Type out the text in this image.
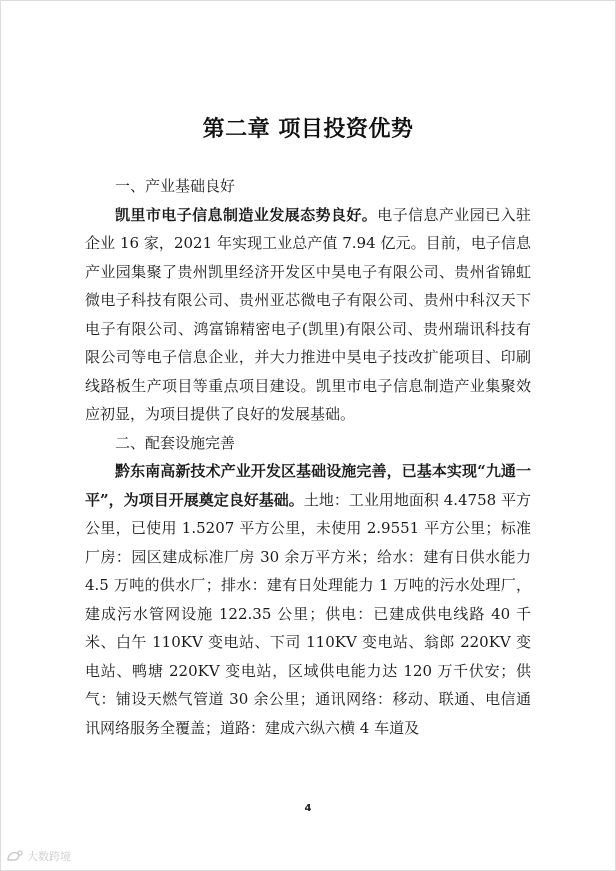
第二章 项目投资优势

一、产业基础良好

凯里市电子信息制造业发展态势良好。电子信息产业园已入驻企业 16 家，2021 年实现工业总产值 7.94 亿元。目前，电子信息产业园集聚了贵州凯里经济开发区中昊电子有限公司、贵州省锦虹微电子科技有限公司、贵州亚芯微电子有限公司、贵州中科汉天下电子有限公司、鸿富锦精密电子(凯里)有限公司、贵州瑞讯科技有限公司等电子信息企业，并大力推进中昊电子技改扩能项目、印刷线路板生产项目等重点项目建设。凯里市电子信息制造产业集聚效应初显，为项目提供了良好的发展基础。

二、配套设施完善

黔东南高新技术产业开发区基础设施完善，已基本实现“九通一平”，为项目开展奠定良好基础。土地：工业用地面积 4.4758 平方公里，已使用 1.5207 平方公里，未使用 2.9551 平方公里；标准厂房：园区建成标准厂房 30 余万平方米；给水：建有日供水能力 4.5 万吨的供水厂；排水：建有日处理能力 1 万吨的污水处理厂，建成污水管网设施 122.35 公里；供电：已建成供电线路 40 千米、白午 110KV 变电站、下司 110KV 变电站、翁郎 220KV 变电站、鸭塘 220KV 变电站，区域供电能力达 120 万千伏安；供气：铺设天燃气管道 30 余公里；通讯网络：移动、联通、电信通讯网络服务全覆盖；道路：建成六纵六横 4 车道及

4
大数跨境
